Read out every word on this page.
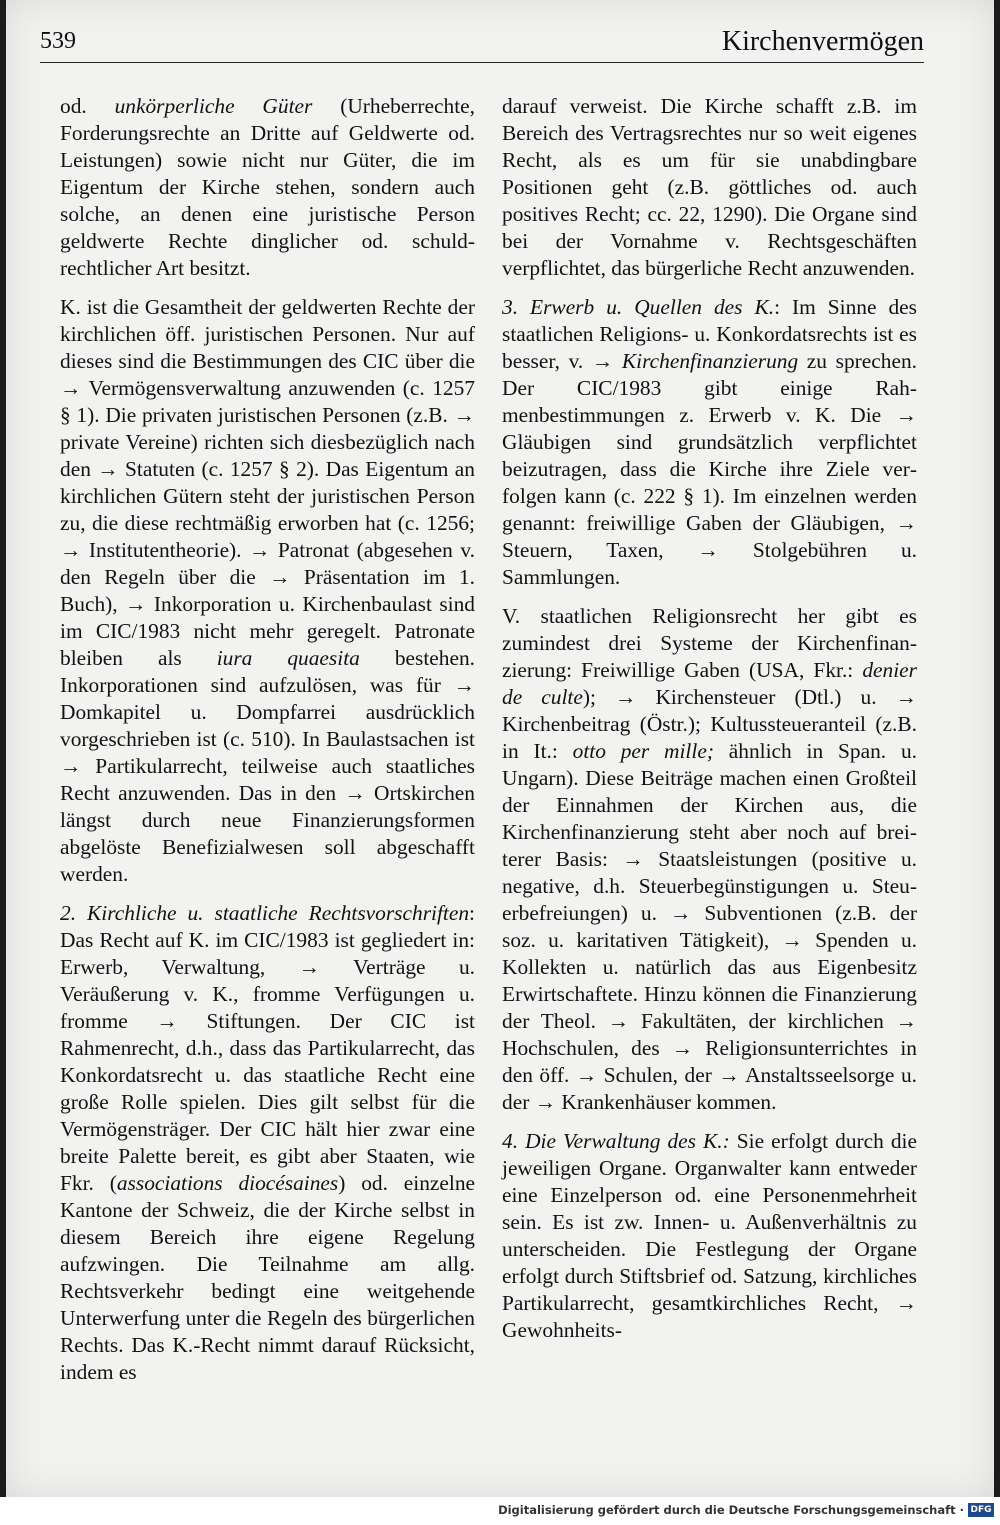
539	Kirchenvermögen

od. unkörperliche Güter (Urheberrechte, Forderungsrechte an Dritte auf Geldwerte od. Leistungen) sowie nicht nur Güter, die im Eigentum der Kirche stehen, sondern auch solche, an denen eine juristische Person geldwerte Rechte dinglicher od. schuldrechtlicher Art besitzt.

K. ist die Gesamtheit der geldwerten Rechte der kirchlichen öff. juristischen Personen. Nur auf dieses sind die Bestimmungen des CIC über die → Vermögensverwaltung anzuwenden (c. 1257 § 1). Die privaten juristischen Personen (z.B. → private Vereine) richten sich diesbezüglich nach den → Statuten (c. 1257 § 2). Das Eigentum an kirchlichen Gütern steht der juristischen Person zu, die diese rechtmäßig erworben hat (c. 1256; → Institutentheorie). → Patronat (abgesehen v. den Regeln über die → Präsentation im 1. Buch), → Inkorporation u. Kirchenbaulast sind im CIC/1983 nicht mehr geregelt. Patronate bleiben als iura quaesita bestehen. Inkorporationen sind aufzulösen, was für → Domkapitel u. Dompfarrei ausdrücklich vorgeschrieben ist (c. 510). In Baulastsachen ist → Partikularrecht, teilweise auch staatliches Recht anzuwenden. Das in den → Ortskirchen längst durch neue Finanzierungsformen abgelöste Benefizialwesen soll abgeschafft werden.

2. Kirchliche u. staatliche Rechtsvorschriften: Das Recht auf K. im CIC/1983 ist gegliedert in: Erwerb, Verwaltung, → Verträge u. Veräußerung v. K., fromme Verfügungen u. fromme → Stiftungen. Der CIC ist Rahmenrecht, d.h., dass das Partikularrecht, das Konkordatsrecht u. das staatliche Recht eine große Rolle spielen. Dies gilt selbst für die Vermögensträger. Der CIC hält hier zwar eine breite Palette bereit, es gibt aber Staaten, wie Fkr. (associations diocésaines) od. einzelne Kantone der Schweiz, die der Kirche selbst in diesem Bereich ihre eigene Regelung aufzwingen. Die Teilnahme am allg. Rechtsverkehr bedingt eine weitgehende Unterwerfung unter die Regeln des bürgerlichen Rechts. Das K.-Recht nimmt darauf Rücksicht, indem es

darauf verweist. Die Kirche schafft z.B. im Bereich des Vertragsrechtes nur so weit eigenes Recht, als es um für sie unabdingbare Positionen geht (z.B. göttliches od. auch positives Recht; cc. 22, 1290). Die Organe sind bei der Vornahme v. Rechtsgeschäften verpflichtet, das bürgerliche Recht anzuwenden.

3. Erwerb u. Quellen des K.: Im Sinne des staatlichen Religions- u. Konkordatsrechts ist es besser, v. → Kirchenfinanzierung zu sprechen. Der CIC/1983 gibt einige Rahmenbestimmungen z. Erwerb v. K. Die → Gläubigen sind grundsätzlich verpflichtet beizutragen, dass die Kirche ihre Ziele verfolgen kann (c. 222 § 1). Im einzelnen werden genannt: freiwillige Gaben der Gläubigen, → Steuern, Taxen, → Stolgebühren u. Sammlungen.

V. staatlichen Religionsrecht her gibt es zumindest drei Systeme der Kirchenfinanzierung: Freiwillige Gaben (USA, Fkr.: denier de culte); → Kirchensteuer (Dtl.) u. → Kirchenbeitrag (Östr.); Kultussteueranteil (z.B. in It.: otto per mille; ähnlich in Span. u. Ungarn). Diese Beiträge machen einen Großteil der Einnahmen der Kirchen aus, die Kirchenfinanzierung steht aber noch auf breiterer Basis: → Staatsleistungen (positive u. negative, d.h. Steuerbegünstigungen u. Steuerbefreiungen) u. → Subventionen (z.B. der soz. u. karitativen Tätigkeit), → Spenden u. Kollekten u. natürlich das aus Eigenbesitz Erwirtschaftete. Hinzu können die Finanzierung der Theol. → Fakultäten, der kirchlichen → Hochschulen, des → Religionsunterrichtes in den öff. → Schulen, der → Anstaltsseelsorge u. der → Krankenhäuser kommen.

4. Die Verwaltung des K.: Sie erfolgt durch die jeweiligen Organe. Organwalter kann entweder eine Einzelperson od. eine Personenmehrheit sein. Es ist zw. Innen- u. Außenverhältnis zu unterscheiden. Die Festlegung der Organe erfolgt durch Stiftsbrief od. Satzung, kirchliches Partikularrecht, gesamtkirchliches Recht, → Gewohnheits-

Digitalisierung gefördert durch die Deutsche Forschungsgemeinschaft · DFG
